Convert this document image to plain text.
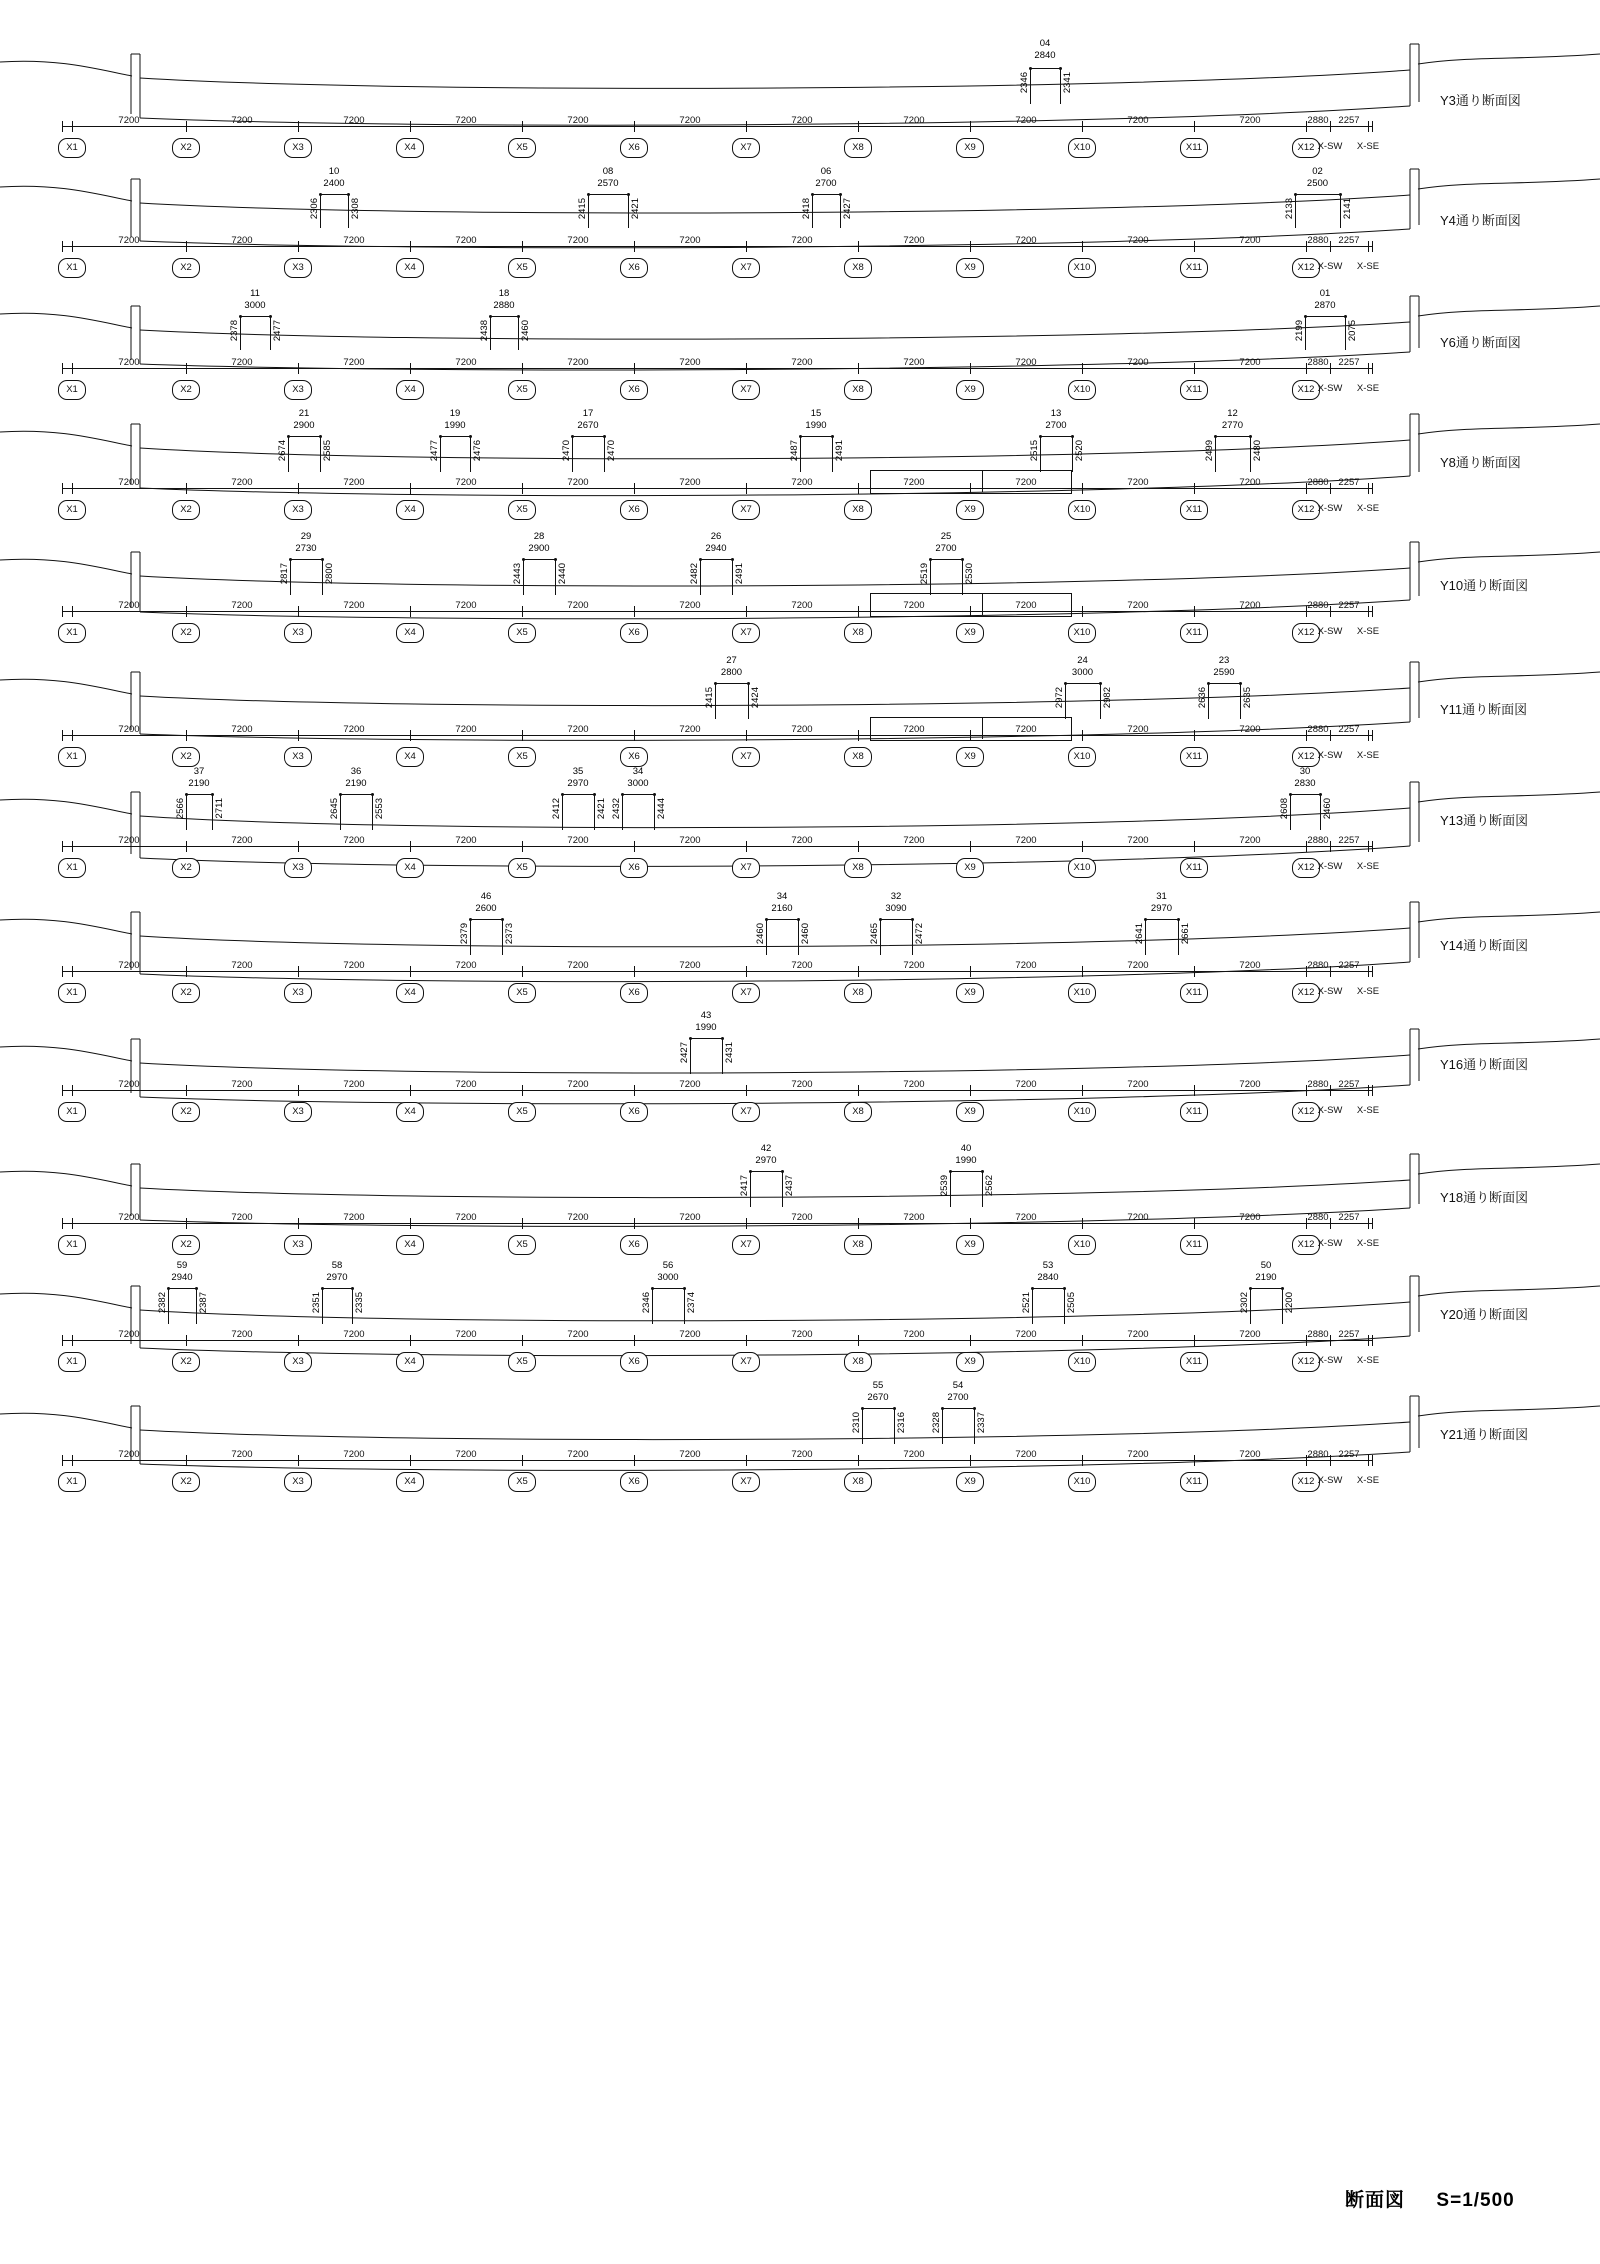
Y3通り断面図
X1	X2	X3	X4	X5	X6	X7	X8	X9	X10	X11	X12 X-SW X-SE
7200	7200	7200	7200	7200	7200	7200	7200	7200	7200	7200	2880 2257
04
2840
2346	2341
Y4通り断面図
X1	X2	X3	X4	X5	X6	X7	X8	X9	X10	X11	X12 X-SW X-SE
7200	7200	7200	7200	7200	7200	7200	7200	7200	7200	7200	2880 2257
10
2400
2306	2308
08
2570
2415	2421
06
2700
2418	2427
02
2500
2133	2141
Y6通り断面図
X1	X2	X3	X4	X5	X6	X7	X8	X9	X10	X11	X12 X-SW X-SE
7200	7200	7200	7200	7200	7200	7200	7200	7200	7200	7200	2880 2257
11
3000
2378	2477
18
2880
2438	2460
01
2870
2199	2075
Y8通り断面図
X1	X2	X3	X4	X5	X6	X7	X8	X9	X10	X11	X12 X-SW X-SE
7200	7200	7200	7200	7200	7200	7200	7200	7200	7200	7200	2880 2257
21
2900
2674	2585
19
1990
2477	2476
17
2670
2470	2470
15
1990
2487	2491
13
2700
2515	2520
12
2770
2499	2480
Y10通り断面図
X1	X2	X3	X4	X5	X6	X7	X8	X9	X10	X11	X12 X-SW X-SE
7200	7200	7200	7200	7200	7200	7200	7200	7200	7200	7200	2880 2257
29
2730
2817	2800
28
2900
2443	2440
26
2940
2482	2491
25
2700
2519	2530
Y11通り断面図
X1	X2	X3	X4	X5	X6	X7	X8	X9	X10	X11	X12 X-SW X-SE
7200	7200	7200	7200	7200	7200	7200	7200	7200	7200	7200	2880 2257
27
2800
2415	2424
24
3000
2972	2982
23
2590
2636	2635
Y13通り断面図
X1	X2	X3	X4	X5	X6	X7	X8	X9	X10	X11	X12 X-SW X-SE
7200	7200	7200	7200	7200	7200	7200	7200	7200	7200	7200	2880 2257
37
2190
2566	2711
36
2190
2645	2553
35
2970
2412	2421
34
3000
2432	2444
30
2830
2608	2460
Y14通り断面図
X1	X2	X3	X4	X5	X6	X7	X8	X9	X10	X11	X12 X-SW X-SE
7200	7200	7200	7200	7200	7200	7200	7200	7200	7200	7200	2880 2257
46
2600
2379	2373
34
2160
2460	2460
32
3090
2465	2472
31
2970
2641	2661
Y16通り断面図
X1	X2	X3	X4	X5	X6	X7	X8	X9	X10	X11	X12 X-SW X-SE
7200	7200	7200	7200	7200	7200	7200	7200	7200	7200	7200	2880 2257
43
1990
2427	2431
Y18通り断面図
X1	X2	X3	X4	X5	X6	X7	X8	X9	X10	X11	X12 X-SW X-SE
7200	7200	7200	7200	7200	7200	7200	7200	7200	7200	7200	2880 2257
42
2970
2417	2437
40
1990
2539	2562
Y20通り断面図
X1	X2	X3	X4	X5	X6	X7	X8	X9	X10	X11	X12 X-SW X-SE
7200	7200	7200	7200	7200	7200	7200	7200	7200	7200	7200	2880 2257
59
2940
2382	2387
58
2970
2351	2335
56
3000
2346	2374
53
2840
2521	2505
50
2190
2302	2200
Y21通り断面図
X1	X2	X3	X4	X5	X6	X7	X8	X9	X10	X11	X12 X-SW X-SE
7200	7200	7200	7200	7200	7200	7200	7200	7200	7200	7200	2880 2257
55
2670
2310	2316
54
2700
2328	2337
断面図 S=1/500
